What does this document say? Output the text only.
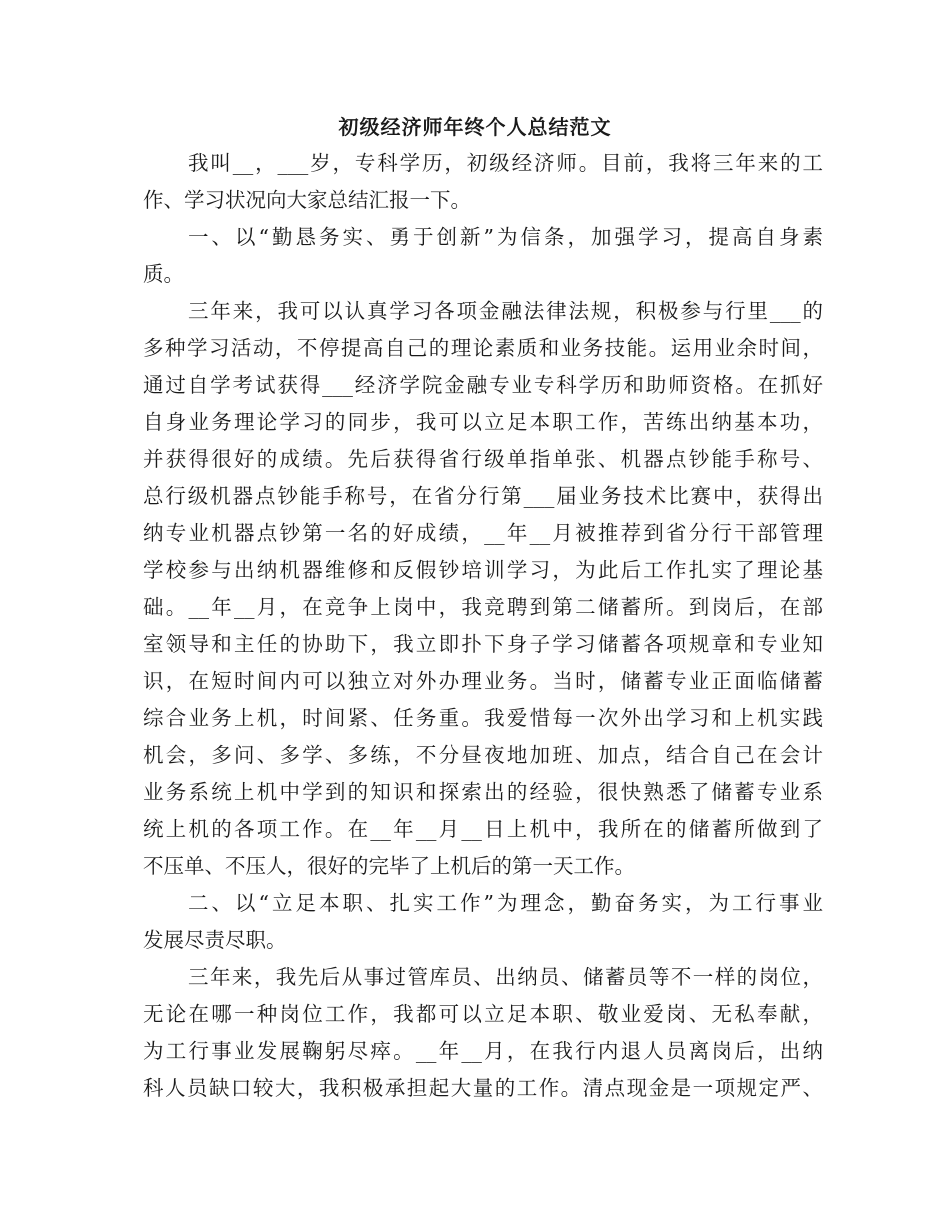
初级经济师年终个人总结范文
我叫__，___岁，专科学历，初级经济师。目前，我将三年来的工
作、学习状况向大家总结汇报一下。
一、以“勤恳务实、勇于创新”为信条，加强学习，提高自身素
质。
三年来，我可以认真学习各项金融法律法规，积极参与行里___的
多种学习活动，不停提高自己的理论素质和业务技能。运用业余时间，
通过自学考试获得___经济学院金融专业专科学历和助师资格。在抓好
自身业务理论学习的同步，我可以立足本职工作，苦练出纳基本功，
并获得很好的成绩。先后获得省行级单指单张、机器点钞能手称号、
总行级机器点钞能手称号，在省分行第___届业务技术比赛中，获得出
纳专业机器点钞第一名的好成绩，__年__月被推荐到省分行干部管理
学校参与出纳机器维修和反假钞培训学习，为此后工作扎实了理论基
础。__年__月，在竞争上岗中，我竞聘到第二储蓄所。到岗后，在部
室领导和主任的协助下，我立即扑下身子学习储蓄各项规章和专业知
识，在短时间内可以独立对外办理业务。当时，储蓄专业正面临储蓄
综合业务上机，时间紧、任务重。我爱惜每一次外出学习和上机实践
机会，多问、多学、多练，不分昼夜地加班、加点，结合自己在会计
业务系统上机中学到的知识和探索出的经验，很快熟悉了储蓄专业系
统上机的各项工作。在__年__月__日上机中，我所在的储蓄所做到了
不压单、不压人，很好的完毕了上机后的第一天工作。
二、以“立足本职、扎实工作”为理念，勤奋务实，为工行事业
发展尽责尽职。
三年来，我先后从事过管库员、出纳员、储蓄员等不一样的岗位，
无论在哪一种岗位工作，我都可以立足本职、敬业爱岗、无私奉献，
为工行事业发展鞠躬尽瘁。__年__月，在我行内退人员离岗后，出纳
科人员缺口较大，我积极承担起大量的工作。清点现金是一项规定严、
